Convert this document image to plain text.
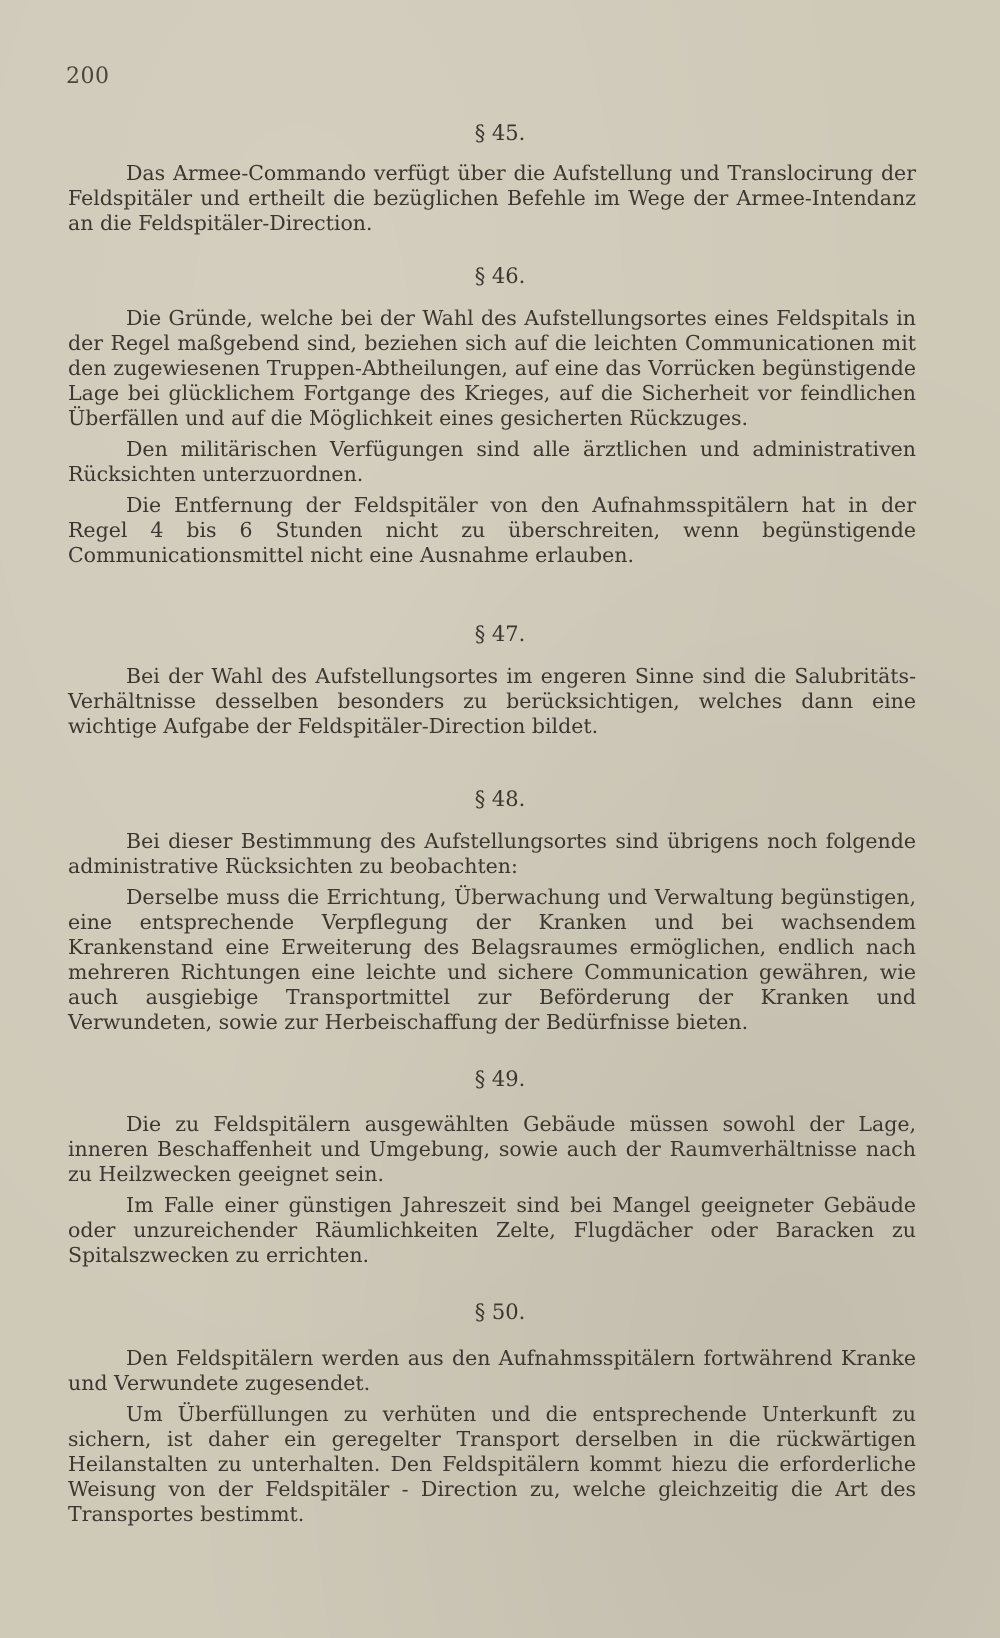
200
§ 45.

Das Armee-Commando verfügt über die Aufstellung und Translocirung der Feldspitäler und ertheilt die bezüglichen Befehle im Wege der Armee-Intendanz an die Feldspitäler-Direction.

§ 46.

Die Gründe, welche bei der Wahl des Aufstellungsortes eines Feldspitals in der Regel maßgebend sind, beziehen sich auf die leichten Communicationen mit den zugewiesenen Truppen-Abtheilungen, auf eine das Vorrücken begünstigende Lage bei glücklichem Fortgange des Krieges, auf die Sicherheit vor feindlichen Überfällen und auf die Möglichkeit eines gesicherten Rückzuges.

Den militärischen Verfügungen sind alle ärztlichen und administrativen Rücksichten unterzuordnen.

Die Entfernung der Feldspitäler von den Aufnahmsspitälern hat in der Regel 4 bis 6 Stunden nicht zu überschreiten, wenn begünstigende Communicationsmittel nicht eine Ausnahme erlauben.

§ 47.

Bei der Wahl des Aufstellungsortes im engeren Sinne sind die Salubritäts-Verhältnisse desselben besonders zu berücksichtigen, welches dann eine wichtige Aufgabe der Feldspitäler-Direction bildet.

§ 48.

Bei dieser Bestimmung des Aufstellungsortes sind übrigens noch folgende administrative Rücksichten zu beobachten:

Derselbe muss die Errichtung, Überwachung und Verwaltung begünstigen, eine entsprechende Verpflegung der Kranken und bei wachsendem Krankenstand eine Erweiterung des Belagsraumes ermöglichen, endlich nach mehreren Richtungen eine leichte und sichere Communication gewähren, wie auch ausgiebige Transportmittel zur Beförderung der Kranken und Verwundeten, sowie zur Herbeischaffung der Bedürfnisse bieten.

§ 49.

Die zu Feldspitälern ausgewählten Gebäude müssen sowohl der Lage, inneren Beschaffenheit und Umgebung, sowie auch der Raumverhältnisse nach zu Heilzwecken geeignet sein.

Im Falle einer günstigen Jahreszeit sind bei Mangel geeigneter Gebäude oder unzureichender Räumlichkeiten Zelte, Flugdächer oder Baracken zu Spitalszwecken zu errichten.

§ 50.

Den Feldspitälern werden aus den Aufnahmsspitälern fortwährend Kranke und Verwundete zugesendet.

Um Überfüllungen zu verhüten und die entsprechende Unterkunft zu sichern, ist daher ein geregelter Transport derselben in die rückwärtigen Heilanstalten zu unterhalten. Den Feldspitälern kommt hiezu die erforderliche Weisung von der Feldspitäler - Direction zu, welche gleichzeitig die Art des Transportes bestimmt.
